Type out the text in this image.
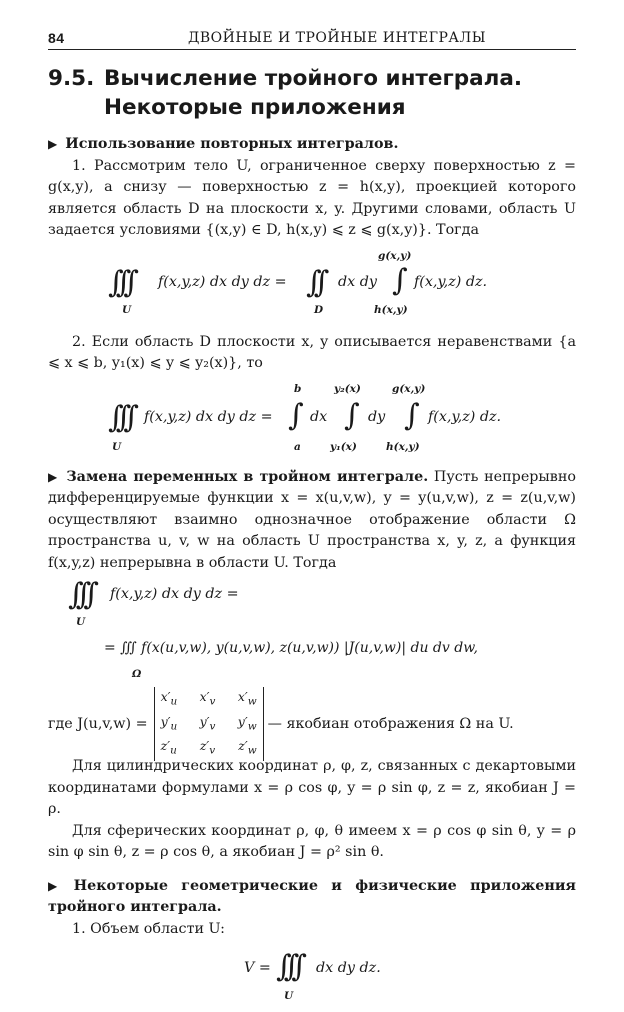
84	ДВОЙНЫЕ И ТРОЙНЫЕ ИНТЕГРАЛЫ
9.5. Вычисление тройного интеграла.
Некоторые приложения

▶ Использование повторных интегралов.

1. Рассмотрим тело U, ограниченное сверху поверхностью z = g(x,y), а снизу — поверхностью z = h(x,y), проекцией которого является область D на плоскости x, y. Другими словами, область U задается условиями {(x,y) ∈ D, h(x,y) ⩽ z ⩽ g(x,y)}. Тогда

∫∫∫
U
f(x,y,z) dx dy dz = ∫∫
D
dx dy
g(x,y)
∫
h(x,y)
f(x,y,z) dz.

2. Если область D плоскости x, y описывается неравенствами {a ⩽ x ⩽ b, y₁(x) ⩽ y ⩽ y₂(x)}, то

∫∫∫
U
f(x,y,z) dx dy dz =
b
∫
a
dx
y₂(x)
∫
y₁(x)
dy
g(x,y)
∫
h(x,y)
f(x,y,z) dz.

▶ Замена переменных в тройном интеграле. Пусть непрерывно дифференцируемые функции x = x(u,v,w), y = y(u,v,w), z = z(u,v,w) осуществляют взаимно однозначное отображение области Ω пространства u, v, w на область U пространства x, y, z, а функция f(x,y,z) непрерывна в области U. Тогда

∫∫∫
U
f(x,y,z) dx dy dz =
= ∭ f(x(u,v,w), y(u,v,w), z(u,v,w)) |J(u,v,w)| du dv dw,
Ω
где J(u,v,w) =
$x'_u$ $x'_v$ $x'_w$
$y'_u$ $y'_v$ $y'_w$
$z'_u$ $z'_v$ $z'_w$
— якобиан отображения Ω на U.

Для цилиндрических координат ρ, φ, z, связанных с декартовыми координатами формулами x = ρ cos φ, y = ρ sin φ, z = z, якобиан J = ρ.

Для сферических координат ρ, φ, θ имеем x = ρ cos φ sin θ, y = ρ sin φ sin θ, z = ρ cos θ, а якобиан J = ρ² sin θ.

▶ Некоторые геометрические и физические приложения тройного интеграла.

1. Объем области U:

V = ∫∫∫
U
dx dy dz.
